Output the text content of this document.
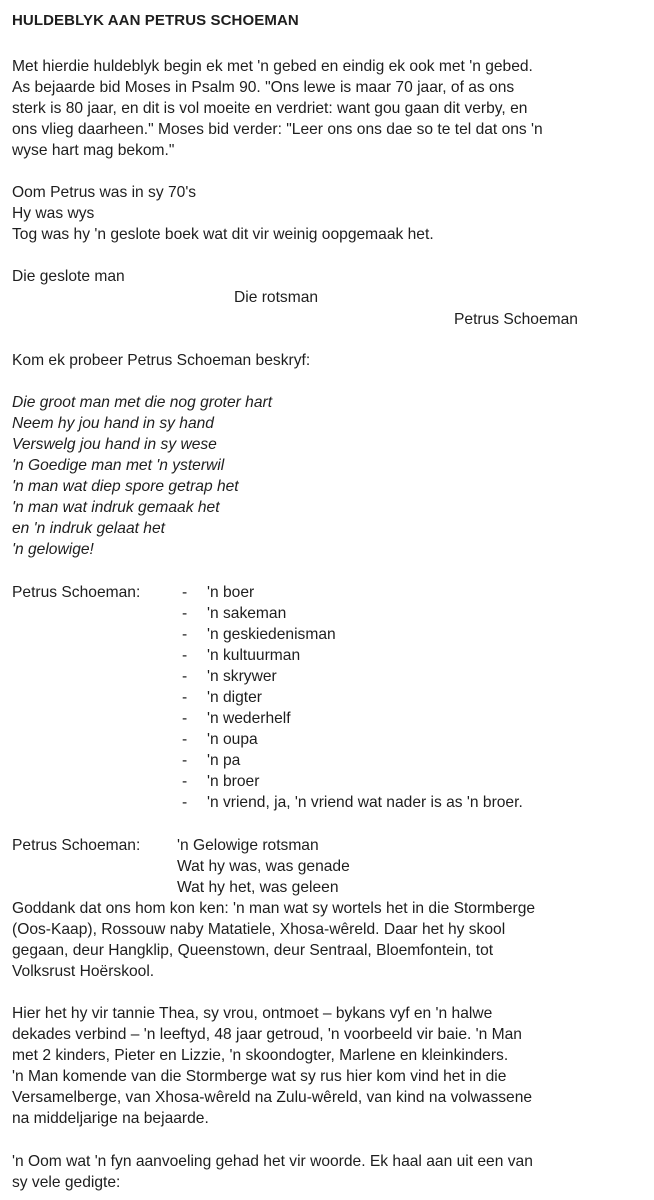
HULDEBLYK AAN PETRUS SCHOEMAN
Met hierdie huldeblyk begin ek met 'n gebed en eindig ek ook met 'n gebed.
As bejaarde bid Moses in Psalm 90. "Ons lewe is maar 70 jaar, of as ons
sterk is 80 jaar, en dit is vol moeite en verdriet: want gou gaan dit verby, en
ons vlieg daarheen." Moses bid verder: "Leer ons ons dae so te tel dat ons 'n
wyse hart mag bekom."
Oom Petrus was in sy 70's
Hy was wys
Tog was hy 'n geslote boek wat dit vir weinig oopgemaak het.
Die geslote man
Die rotsman
Petrus Schoeman
Kom ek probeer Petrus Schoeman beskryf:
Die groot man met die nog groter hart
Neem hy jou hand in sy hand
Verswelg jou hand in sy wese
'n Goedige man met 'n ysterwil
'n man wat diep spore getrap het
'n man wat indruk gemaak het
en 'n indruk gelaat het
'n gelowige!
Petrus Schoeman:	- 'n boer
- 'n sakeman
- 'n geskiedenisman
- 'n kultuurman
- 'n skrywer
- 'n digter
- 'n wederhelf
- 'n oupa
- 'n pa
- 'n broer
- 'n vriend, ja, 'n vriend wat nader is as 'n broer.
Petrus Schoeman: 'n Gelowige rotsman
Wat hy was, was genade
Wat hy het, was geleen
Goddank dat ons hom kon ken: 'n man wat sy wortels het in die Stormberge
(Oos-Kaap), Rossouw naby Matatiele, Xhosa-wêreld. Daar het hy skool
gegaan, deur Hangklip, Queenstown, deur Sentraal, Bloemfontein, tot
Volksrust Hoërskool.
Hier het hy vir tannie Thea, sy vrou, ontmoet – bykans vyf en 'n halwe
dekades verbind – 'n leeftyd, 48 jaar getroud, 'n voorbeeld vir baie. 'n Man
met 2 kinders, Pieter en Lizzie, 'n skoondogter, Marlene en kleinkinders.
'n Man komende van die Stormberge wat sy rus hier kom vind het in die
Versamelberge, van Xhosa-wêreld na Zulu-wêreld, van kind na volwassene
na middeljarige na bejaarde.
'n Oom wat 'n fyn aanvoeling gehad het vir woorde. Ek haal aan uit een van
sy vele gedigte:
